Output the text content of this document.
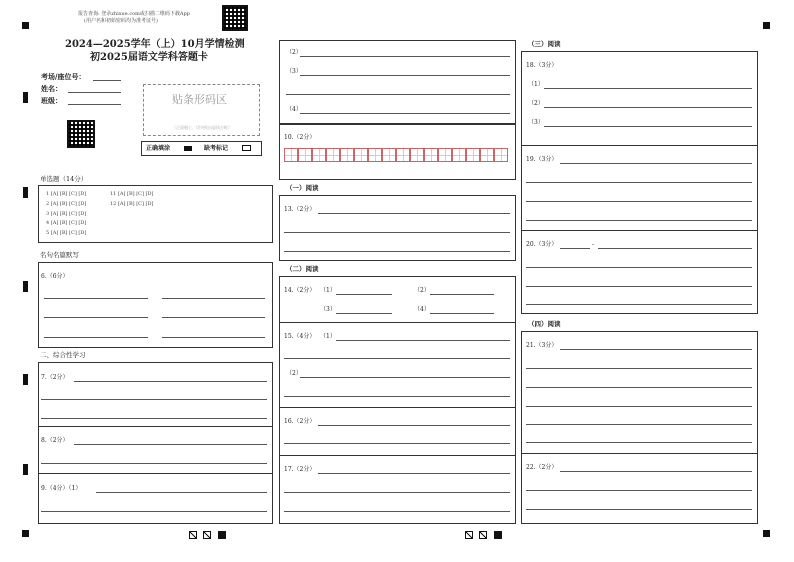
报告查询: 登录zhixue.com或扫描二维码下载App
(用户名和初始密码均为准考证号)
2024—2025学年（上）10月学情检测
初2025届语文学科答题卡
考场/座位号：
姓名：
班级：	贴条形码区
（正面朝上，切勿贴出虚线方框）
正确填涂	缺考标记
单选题（14分）
1 [A] [B] [C] [D]
2 [A] [B] [C] [D]
3 [A] [B] [C] [D]
4 [A] [B] [C] [D]
5 [A] [B] [C] [D]
11 [A] [B] [C] [D]
12 [A] [B] [C] [D]
名句名篇默写
6.（6分）
二、综合性学习
7.（2分）
8.（2分）
9.（4分）（1）
（2）
（3）
（4）
10.（2分）
（一）阅读
13.（2分）
（二）阅读
14.（2分） （1）	（2）
（3）	（4）
15.（4分） （1）
（2）
16.（2分）
17.（2分）
（三）阅读
18.（3分）
（1）
（2）
（3）
19.（3分）
20.（3分）	-
（四）阅读
21.（3分）
22.（2分）
